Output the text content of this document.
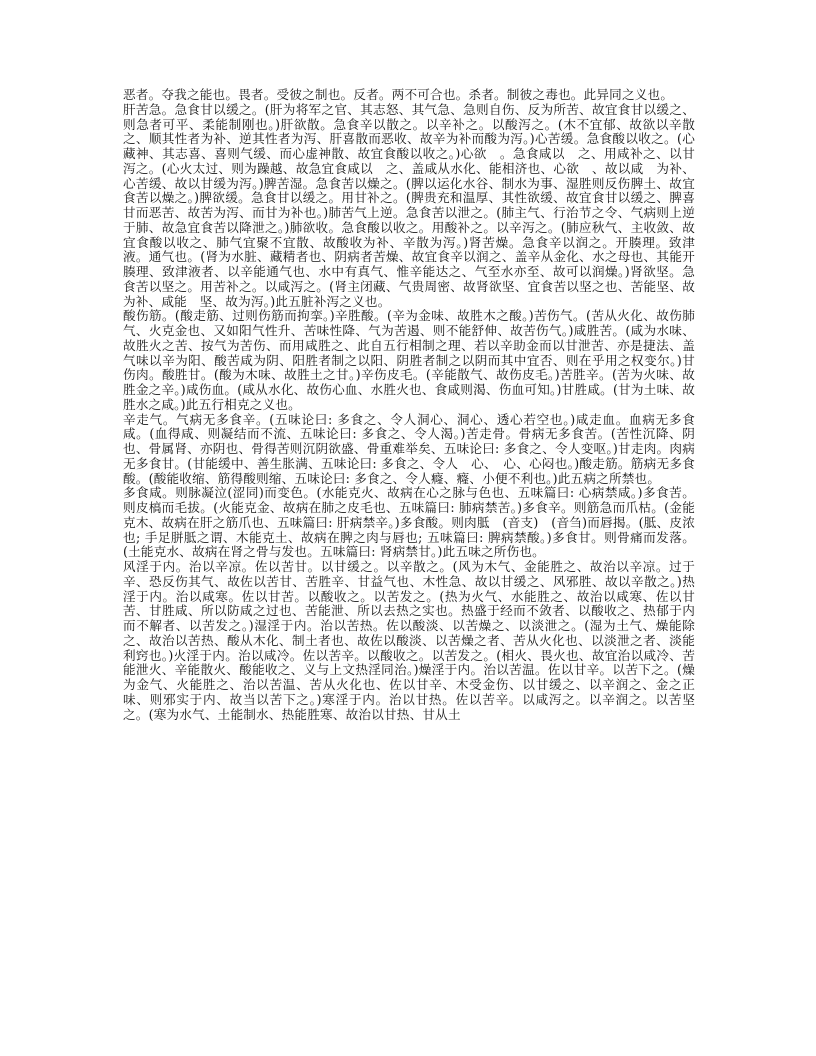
恶者。夺我之能也。畏者。受彼之制也。反者。两不可合也。杀者。制彼之毒也。此异同之义也。

肝苦急。急食甘以缓之。(肝为将军之官、其志怒、其气急、急则自伤、反为所苦、故宜食甘以缓之、则急者可平、柔能制刚也。)肝欲散。急食辛以散之。以辛补之。以酸泻之。(木不宜郁、故欲以辛散之、顺其性者为补、逆其性者为泻、肝喜散而恶收、故辛为补而酸为泻。)心苦缓。急食酸以收之。(心藏神、其志喜、喜则气缓、而心虚神散、故宜食酸以收之。)心欲　。急食咸以　之、用咸补之、以甘泻之。(心火太过、则为躁越、故急宜食咸以　之、盖咸从水化、能相济也、心欲　、故以咸　为补、心苦缓、故以甘缓为泻。)脾苦湿。急食苦以燥之。(脾以运化水谷、制水为事、湿胜则反伤脾土、故宜食苦以燥之。)脾欲缓。急食甘以缓之。用甘补之。(脾贵充和温厚、其性欲缓、故宜食甘以缓之、脾喜甘而恶苦、故苦为泻、而甘为补也。)肺苦气上逆。急食苦以泄之。(肺主气、行治节之令、气病则上逆于肺、故急宜食苦以降泄之。)肺欲收。急食酸以收之。用酸补之。以辛泻之。(肺应秋气、主收敛、故宜食酸以收之、肺气宜聚不宜散、故酸收为补、辛散为泻。)肾苦燥。急食辛以润之。开腠理。致津液。通气也。(肾为水脏、藏精者也、阴病者苦燥、故宜食辛以润之、盖辛从金化、水之母也、其能开腠理、致津液者、以辛能通气也、水中有真气、惟辛能达之、气至水亦至、故可以润燥。)肾欲坚。急食苦以坚之。用苦补之。以咸泻之。(肾主闭藏、气贵周密、故肾欲坚、宜食苦以坚之也、苦能坚、故为补、咸能　坚、故为泻。)此五脏补泻之义也。

酸伤筋。(酸走筋、过则伤筋而拘挛。)辛胜酸。(辛为金味、故胜木之酸。)苦伤气。(苦从火化、故伤肺气、火克金也、又如阳气性升、苦味性降、气为苦遏、则不能舒伸、故苦伤气。)咸胜苦。(咸为水味、故胜火之苦、按气为苦伤、而用咸胜之、此自五行相制之理、若以辛助金而以甘泄苦、亦是捷法、盖气味以辛为阳、酸苦咸为阴、阳胜者制之以阳、阴胜者制之以阴而其中宜否、则在乎用之权变尔。)甘伤肉。酸胜甘。(酸为木味、故胜土之甘。)辛伤皮毛。(辛能散气、故伤皮毛。)苦胜辛。(苦为火味、故胜金之辛。)咸伤血。(咸从水化、故伤心血、水胜火也、食咸则渴、伤血可知。)甘胜咸。(甘为土味、故胜水之咸。)此五行相克之义也。

辛走气。气病无多食辛。(五味论曰: 多食之、令人洞心、洞心、透心若空也。)咸走血。血病无多食咸。(血得咸、则凝结而不流、五味论曰: 多食之、令人渴。)苦走骨。骨病无多食苦。(苦性沉降、阴也、骨属肾、亦阴也、骨得苦则沉阴欲盛、骨重难举矣、五味论曰: 多食之、令人变呕。)甘走肉。肉病无多食甘。(甘能缓中、善生胀满、五味论曰: 多食之、令人　心、　心、心闷也。)酸走筋。筋病无多食酸。(酸能收缩、筋得酸则缩、五味论曰: 多食之、令人癃、癃、小便不利也。)此五病之所禁也。

多食咸。则脉凝泣(涩同)而变色。(水能克火、故病在心之脉与色也、五味篇曰: 心病禁咸。)多食苦。则皮槁而毛拔。(火能克金、故病在肺之皮毛也、五味篇曰: 肺病禁苦。)多食辛。则筋急而爪枯。(金能克木、故病在肝之筋爪也、五味篇曰: 肝病禁辛。)多食酸。则肉胝　(音支)　(音刍)而唇揭。(胝、皮浓也; 手足胼胝之谓、木能克土、故病在脾之肉与唇也; 五味篇曰: 脾病禁酸。)多食甘。则骨痛而发落。(土能克水、故病在肾之骨与发也。五味篇曰: 肾病禁甘。)此五味之所伤也。

风淫于内。治以辛凉。佐以苦甘。以甘缓之。以辛散之。(风为木气、金能胜之、故治以辛凉。过于辛、恐反伤其气、故佐以苦甘、苦胜辛、甘益气也、木性急、故以甘缓之、风邪胜、故以辛散之。)热淫于内。治以咸寒。佐以甘苦。以酸收之。以苦发之。(热为火气、水能胜之、故治以咸寒、佐以甘苦、甘胜咸、所以防咸之过也、苦能泄、所以去热之实也。热盛于经而不敛者、以酸收之、热郁于内而不解者、以苦发之。)湿淫于内。治以苦热。佐以酸淡、以苦燥之、以淡泄之。(湿为土气、燥能除之、故治以苦热、酸从木化、制土者也、故佐以酸淡、以苦燥之者、苦从火化也、以淡泄之者、淡能利窍也。)火淫于内。治以咸冷。佐以苦辛。以酸收之。以苦发之。(相火、畏火也、故宜治以咸冷、苦能泄火、辛能散火、酸能收之、义与上文热淫同治。)燥淫于内。治以苦温。佐以甘辛。以苦下之。(燥为金气、火能胜之、治以苦温、苦从火化也、佐以甘辛、木受金伤、以甘缓之、以辛润之、金之正味、则邪实于内、故当以苦下之。)寒淫于内。治以甘热。佐以苦辛。以咸泻之。以辛润之。以苦坚之。(寒为水气、土能制水、热能胜寒、故治以甘热、甘从土
